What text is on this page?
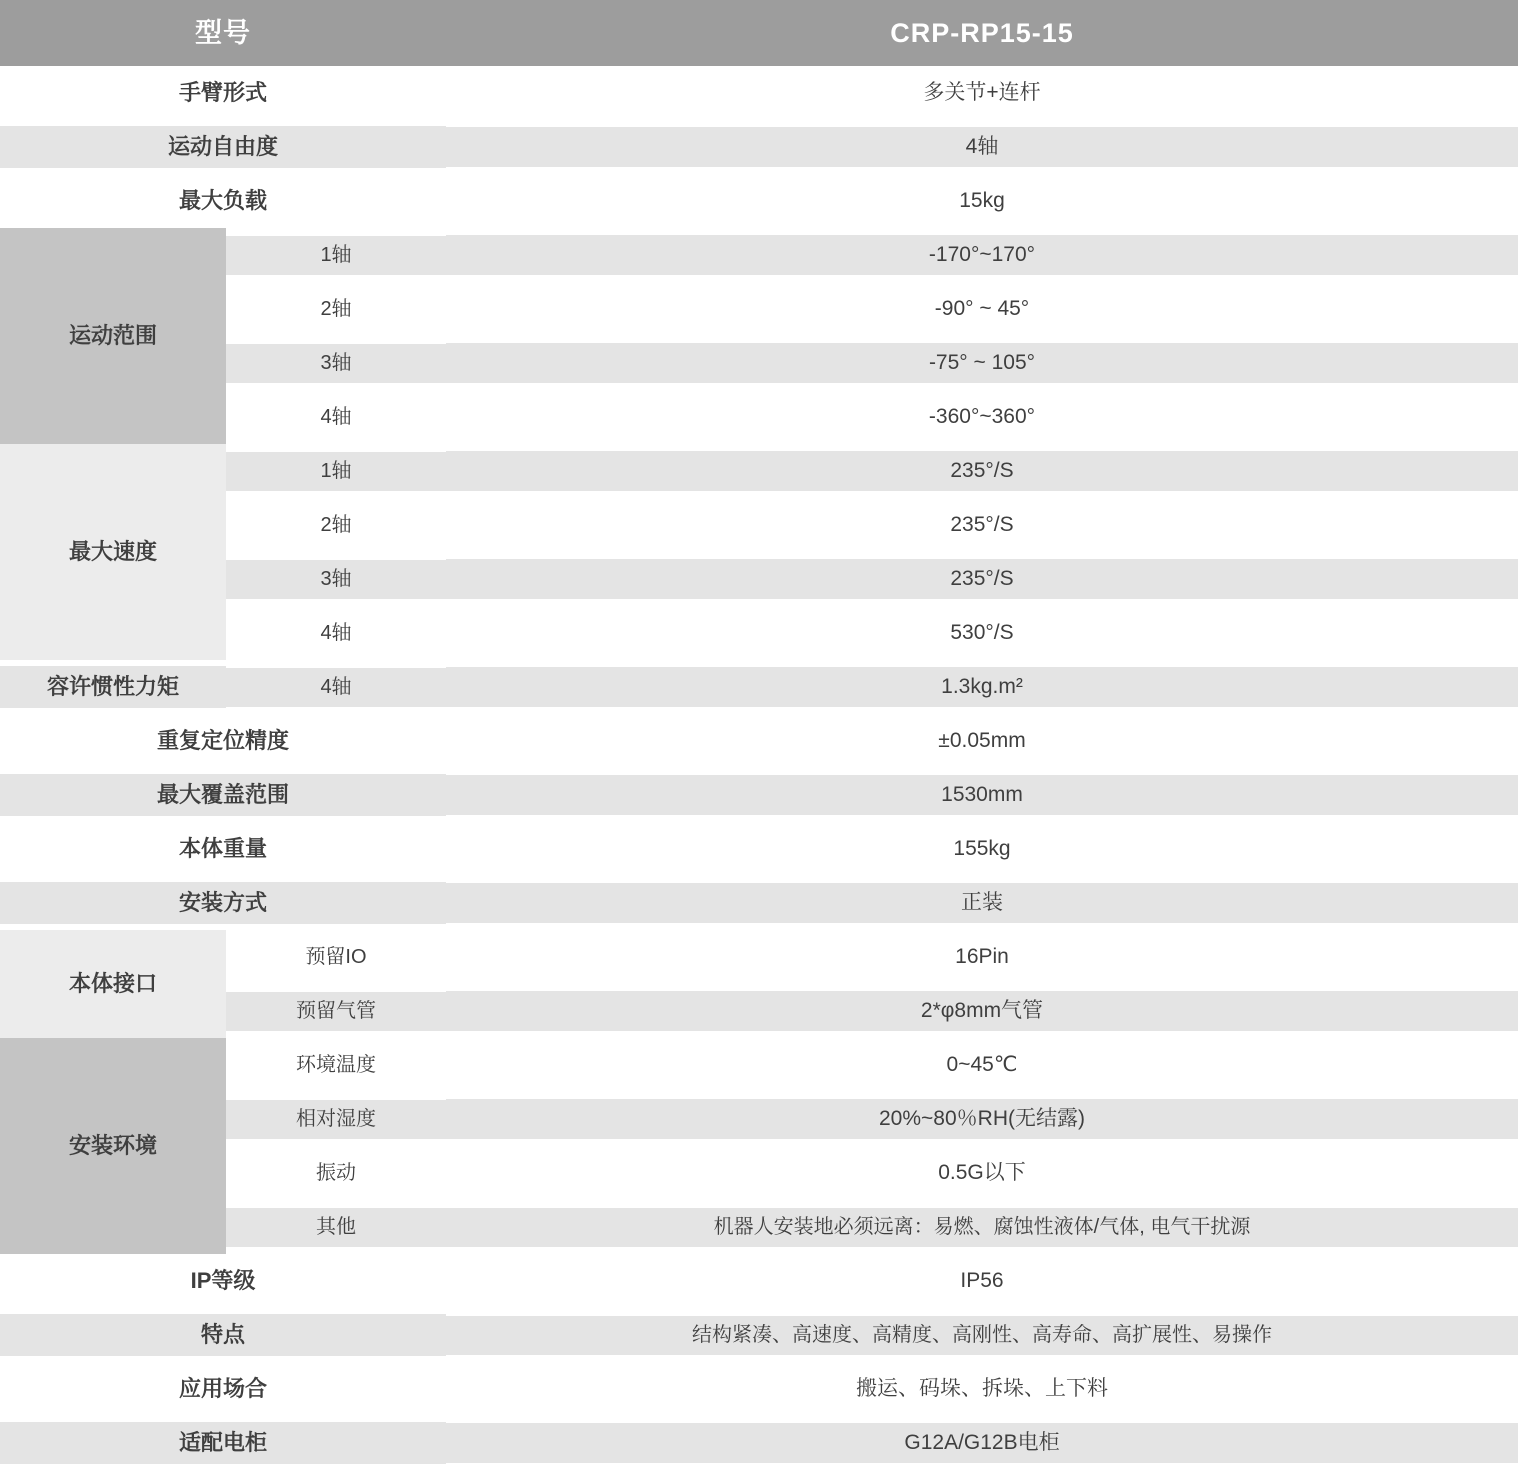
型号		CRP-RP15-15

手臂形式		多关节+连杆

运动自由度		4轴

最大负载		15kg

运动范围	1轴	-170°~170°

2轴	-90° ~ 45°

3轴	-75° ~ 105°

4轴	-360°~360°

最大速度	1轴	235°/S

2轴	235°/S

3轴	235°/S

4轴	530°/S

容许惯性力矩	4轴	1.3kg.m²

重复定位精度		±0.05mm

最大覆盖范围		1530mm

本体重量		155kg

安装方式		正装

本体接口	预留IO	16Pin

预留气管	2*φ8mm气管

安装环境	环境温度	0~45℃

相对湿度	20%~80％RH(无结露)

振动	0.5G以下

其他	机器人安装地必须远离：易燃、腐蚀性液体/气体, 电气干扰源

IP等级		IP56

特点		结构紧凑、高速度、高精度、高刚性、高寿命、高扩展性、易操作

应用场合		搬运、码垛、拆垛、上下料

适配电柜		G12A/G12B电柜
